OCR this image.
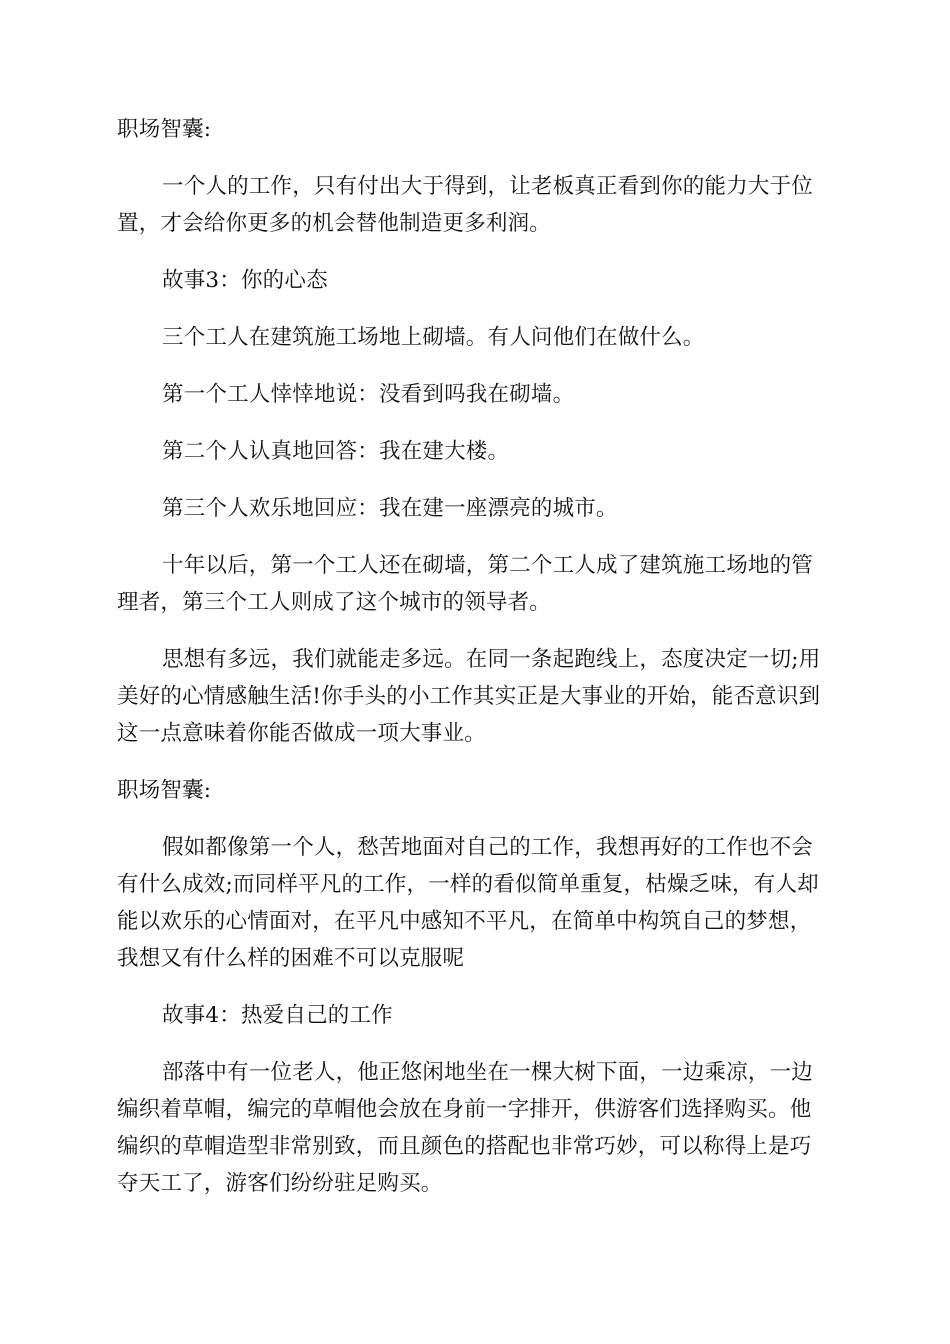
职场智囊:

一个人的工作，只有付出大于得到，让老板真正看到你的能力大于位置，才会给你更多的机会替他制造更多利润。

故事3：你的心态

三个工人在建筑施工场地上砌墙。有人问他们在做什么。

第一个工人悻悻地说：没看到吗我在砌墙。

第二个人认真地回答：我在建大楼。

第三个人欢乐地回应：我在建一座漂亮的城市。

十年以后，第一个工人还在砌墙，第二个工人成了建筑施工场地的管理者，第三个工人则成了这个城市的领导者。

思想有多远，我们就能走多远。在同一条起跑线上，态度决定一切;用美好的心情感触生活!你手头的小工作其实正是大事业的开始，能否意识到这一点意味着你能否做成一项大事业。

职场智囊:

假如都像第一个人，愁苦地面对自己的工作，我想再好的工作也不会有什么成效;而同样平凡的工作，一样的看似简单重复，枯燥乏味，有人却能以欢乐的心情面对，在平凡中感知不平凡，在简单中构筑自己的梦想，我想又有什么样的困难不可以克服呢

故事4：热爱自己的工作

部落中有一位老人，他正悠闲地坐在一棵大树下面，一边乘凉，一边编织着草帽，编完的草帽他会放在身前一字排开，供游客们选择购买。他编织的草帽造型非常别致，而且颜色的搭配也非常巧妙，可以称得上是巧夺天工了，游客们纷纷驻足购买。
